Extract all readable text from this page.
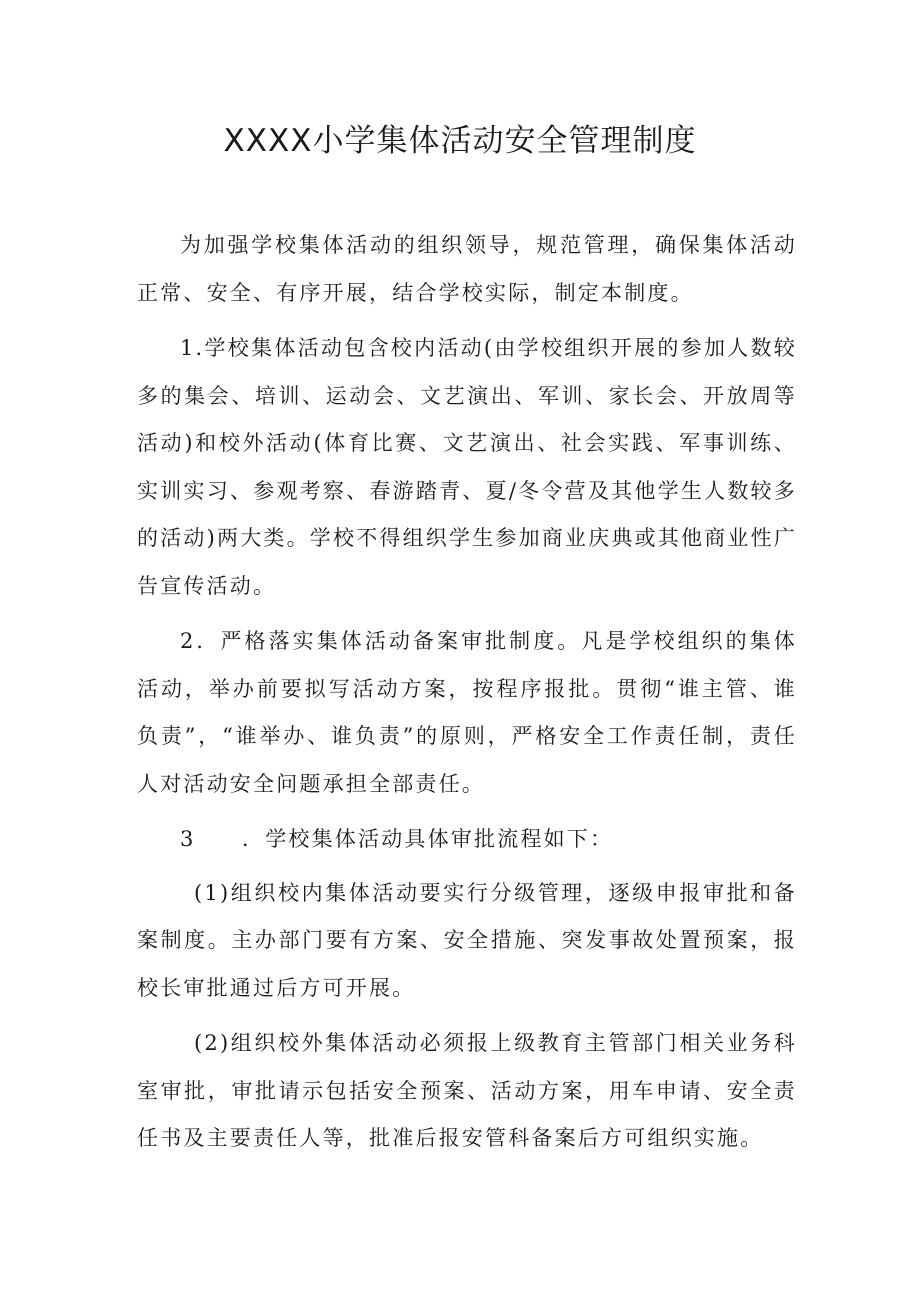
XXXX小学集体活动安全管理制度

为加强学校集体活动的组织领导，规范管理，确保集体活动正常、安全、有序开展，结合学校实际，制定本制度。

1.学校集体活动包含校内活动(由学校组织开展的参加人数较多的集会、培训、运动会、文艺演出、军训、家长会、开放周等活动)和校外活动(体育比赛、文艺演出、社会实践、军事训练、实训实习、参观考察、春游踏青、夏/冬令营及其他学生人数较多的活动)两大类。学校不得组织学生参加商业庆典或其他商业性广告宣传活动。

2．严格落实集体活动备案审批制度。凡是学校组织的集体活动，举办前要拟写活动方案，按程序报批。贯彻“谁主管、谁负责”，“谁举办、谁负责”的原则，严格安全工作责任制，责任人对活动安全问题承担全部责任。

3 ．学校集体活动具体审批流程如下：

(1)组织校内集体活动要实行分级管理，逐级申报审批和备案制度。主办部门要有方案、安全措施、突发事故处置预案，报校长审批通过后方可开展。

(2)组织校外集体活动必须报上级教育主管部门相关业务科室审批，审批请示包括安全预案、活动方案，用车申请、安全责任书及主要责任人等，批准后报安管科备案后方可组织实施。
